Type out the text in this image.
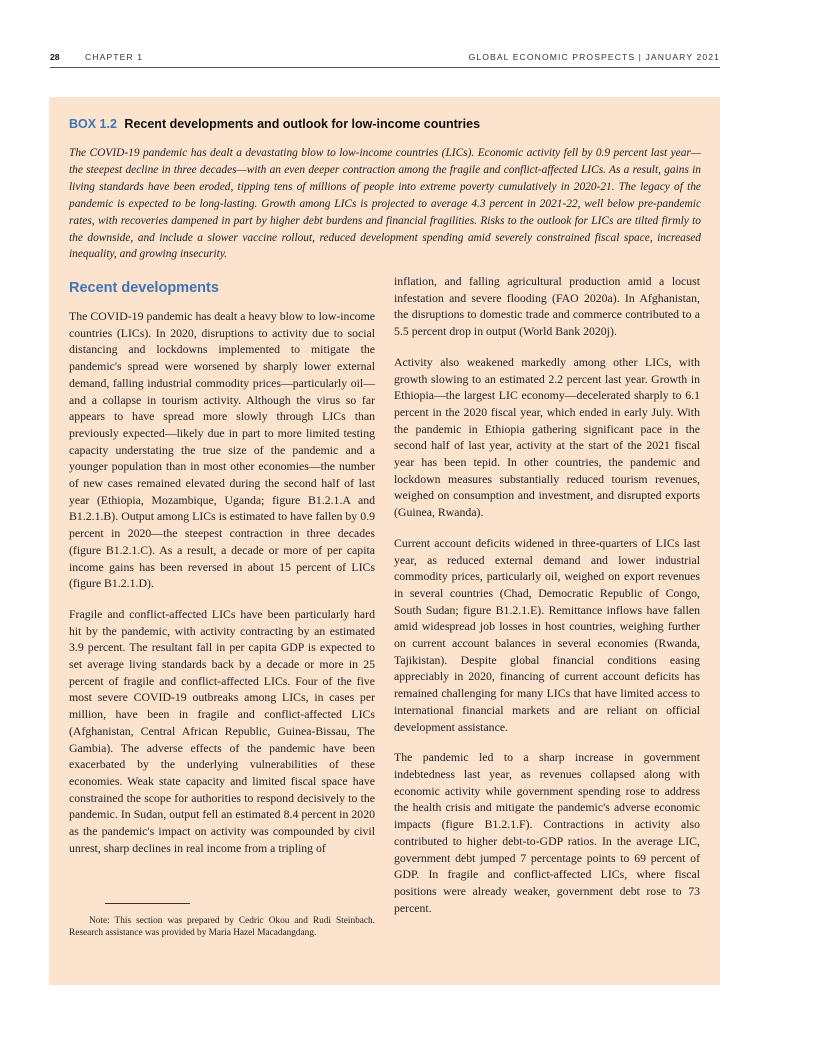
28	CHAPTER 1	GLOBAL ECONOMIC PROSPECTS | JANUARY 2021
BOX 1.2 Recent developments and outlook for low-income countries

The COVID-19 pandemic has dealt a devastating blow to low-income countries (LICs). Economic activity fell by 0.9 percent last year—the steepest decline in three decades—with an even deeper contraction among the fragile and conflict-affected LICs. As a result, gains in living standards have been eroded, tipping tens of millions of people into extreme poverty cumulatively in 2020-21. The legacy of the pandemic is expected to be long-lasting. Growth among LICs is projected to average 4.3 percent in 2021-22, well below pre-pandemic rates, with recoveries dampened in part by higher debt burdens and financial fragilities. Risks to the outlook for LICs are tilted firmly to the downside, and include a slower vaccine rollout, reduced development spending amid severely constrained fiscal space, increased inequality, and growing insecurity.

Recent developments

The COVID-19 pandemic has dealt a heavy blow to low-income countries (LICs). In 2020, disruptions to activity due to social distancing and lockdowns implemented to mitigate the pandemic's spread were worsened by sharply lower external demand, falling industrial commodity prices—particularly oil—and a collapse in tourism activity. Although the virus so far appears to have spread more slowly through LICs than previously expected—likely due in part to more limited testing capacity understating the true size of the pandemic and a younger population than in most other economies—the number of new cases remained elevated during the second half of last year (Ethiopia, Mozambique, Uganda; figure B1.2.1.A and B1.2.1.B). Output among LICs is estimated to have fallen by 0.9 percent in 2020—the steepest contraction in three decades (figure B1.2.1.C). As a result, a decade or more of per capita income gains has been reversed in about 15 percent of LICs (figure B1.2.1.D).

Fragile and conflict-affected LICs have been particularly hard hit by the pandemic, with activity contracting by an estimated 3.9 percent. The resultant fall in per capita GDP is expected to set average living standards back by a decade or more in 25 percent of fragile and conflict-affected LICs. Four of the five most severe COVID-19 outbreaks among LICs, in cases per million, have been in fragile and conflict-affected LICs (Afghanistan, Central African Republic, Guinea-Bissau, The Gambia). The adverse effects of the pandemic have been exacerbated by the underlying vulnerabilities of these economies. Weak state capacity and limited fiscal space have constrained the scope for authorities to respond decisively to the pandemic. In Sudan, output fell an estimated 8.4 percent in 2020 as the pandemic's impact on activity was compounded by civil unrest, sharp declines in real income from a tripling of

inflation, and falling agricultural production amid a locust infestation and severe flooding (FAO 2020a). In Afghanistan, the disruptions to domestic trade and commerce contributed to a 5.5 percent drop in output (World Bank 2020j).

Activity also weakened markedly among other LICs, with growth slowing to an estimated 2.2 percent last year. Growth in Ethiopia—the largest LIC economy—decelerated sharply to 6.1 percent in the 2020 fiscal year, which ended in early July. With the pandemic in Ethiopia gathering significant pace in the second half of last year, activity at the start of the 2021 fiscal year has been tepid. In other countries, the pandemic and lockdown measures substantially reduced tourism revenues, weighed on consumption and investment, and disrupted exports (Guinea, Rwanda).

Current account deficits widened in three-quarters of LICs last year, as reduced external demand and lower industrial commodity prices, particularly oil, weighed on export revenues in several countries (Chad, Democratic Republic of Congo, South Sudan; figure B1.2.1.E). Remittance inflows have fallen amid widespread job losses in host countries, weighing further on current account balances in several economies (Rwanda, Tajikistan). Despite global financial conditions easing appreciably in 2020, financing of current account deficits has remained challenging for many LICs that have limited access to international financial markets and are reliant on official development assistance.

The pandemic led to a sharp increase in government indebtedness last year, as revenues collapsed along with economic activity while government spending rose to address the health crisis and mitigate the pandemic's adverse economic impacts (figure B1.2.1.F). Contractions in activity also contributed to higher debt-to-GDP ratios. In the average LIC, government debt jumped 7 percentage points to 69 percent of GDP. In fragile and conflict-affected LICs, where fiscal positions were already weaker, government debt rose to 73 percent.

Note: This section was prepared by Cedric Okou and Rudi Steinbach. Research assistance was provided by Maria Hazel Macadangdang.
